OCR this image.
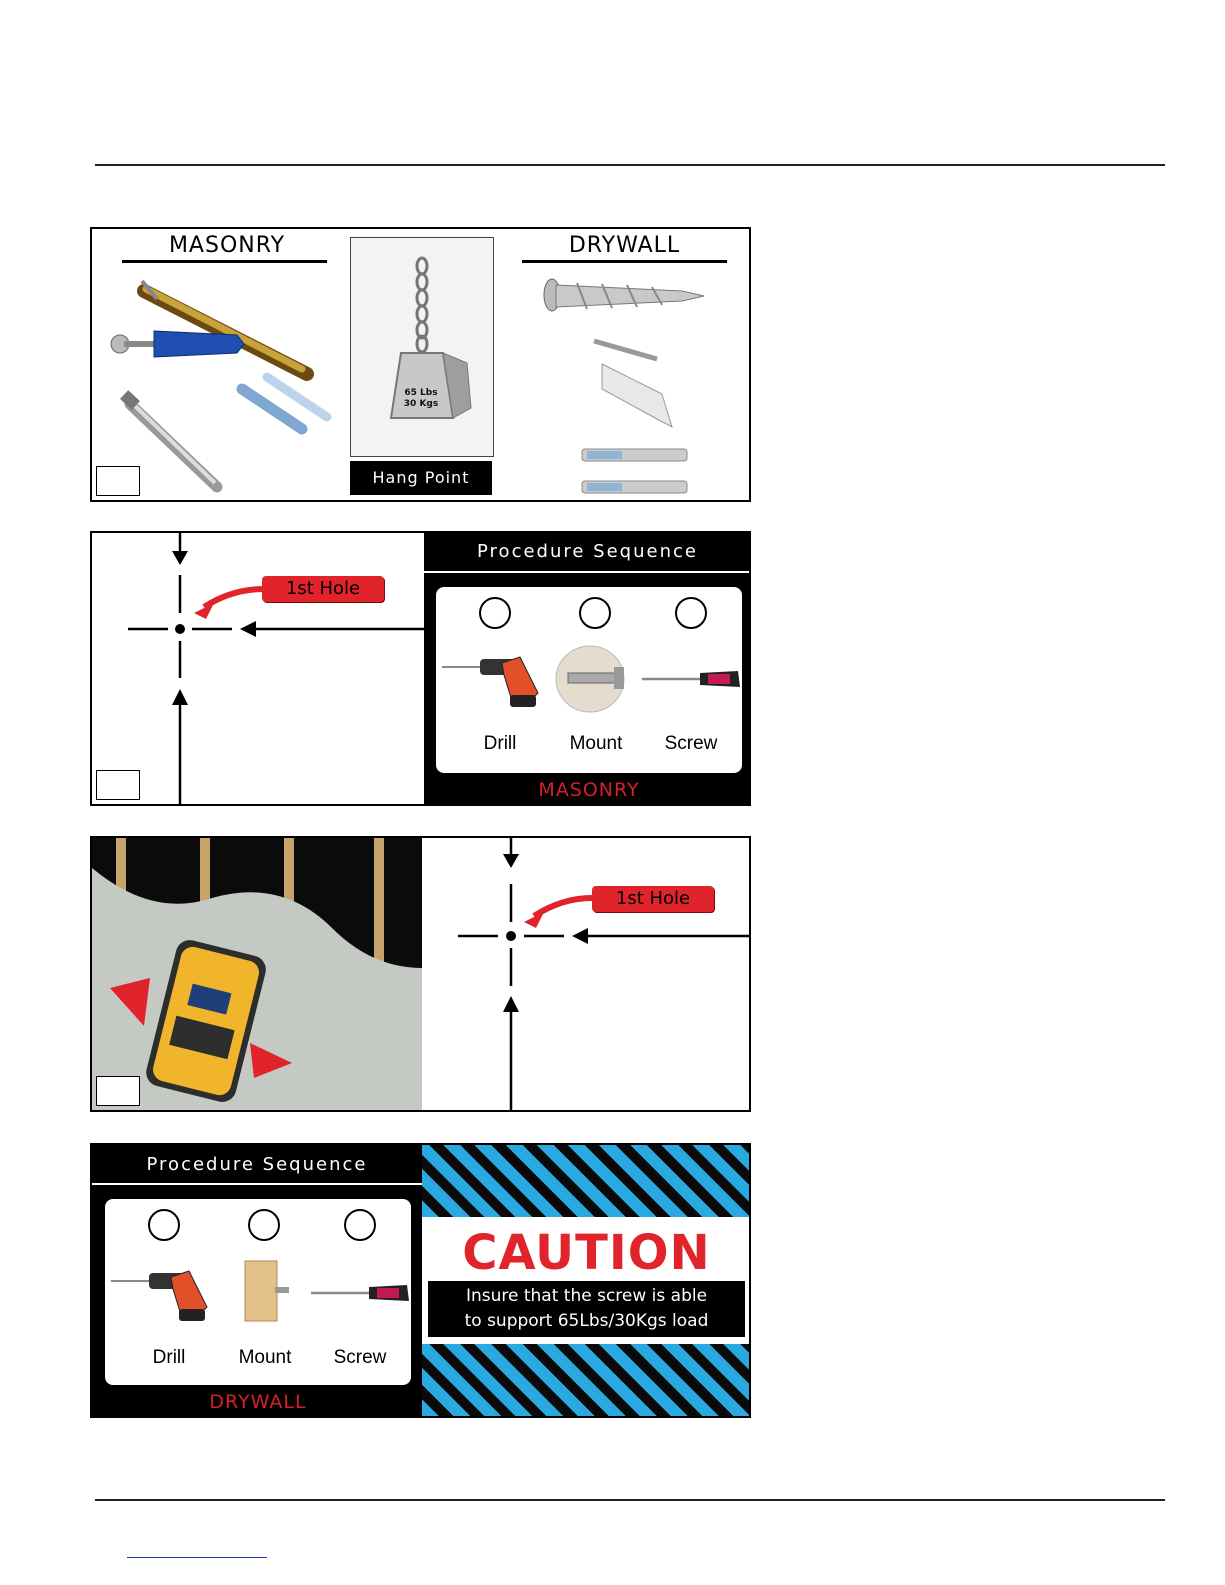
MASONRY	DRYWALL
65 Lbs
30 Kgs
Hang Point
1st Hole
Procedure Sequence
Drill	Mount	Screw
MASONRY
1st Hole
Procedure Sequence
Drill	Mount	Screw
DRYWALL
CAUTION
Insure that the screw is able
to support 65Lbs/30Kgs load
